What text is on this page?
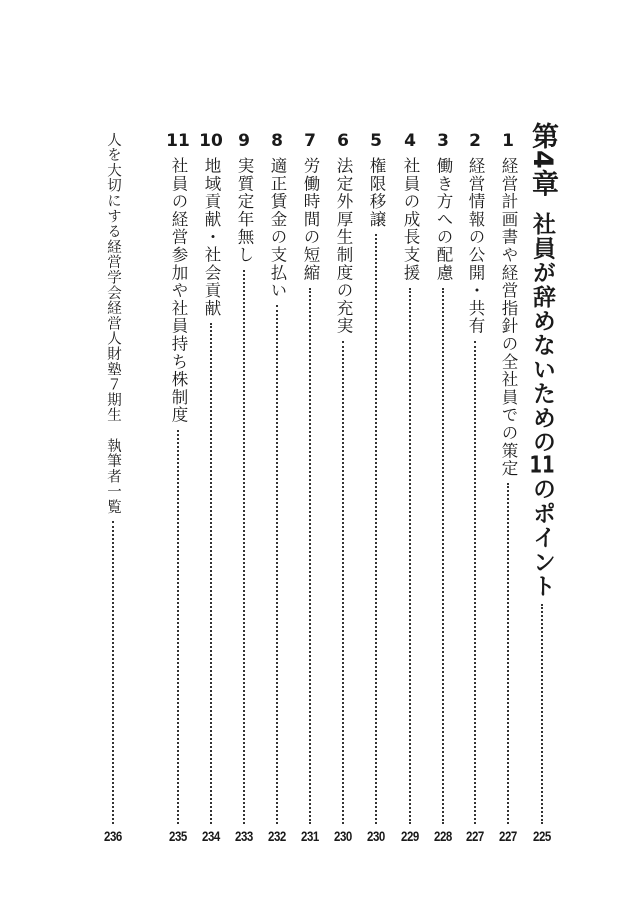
第4章
社員が辞めないための11のポイント
225
1
経営計画書や経営指針の全社員での策定
227
2
経営情報の公開・共有
227
3
働き方への配慮
228
4
社員の成長支援
229
5
権限移譲
230
6
法定外厚生制度の充実
230
7
労働時間の短縮
231
8
適正賃金の支払い
232
9
実質定年無し
233
10
地域貢献・社会貢献
234
11
社員の経営参加や社員持ち株制度
235
人を大切にする経営学会経営人財塾７期生　執筆者一覧
236
